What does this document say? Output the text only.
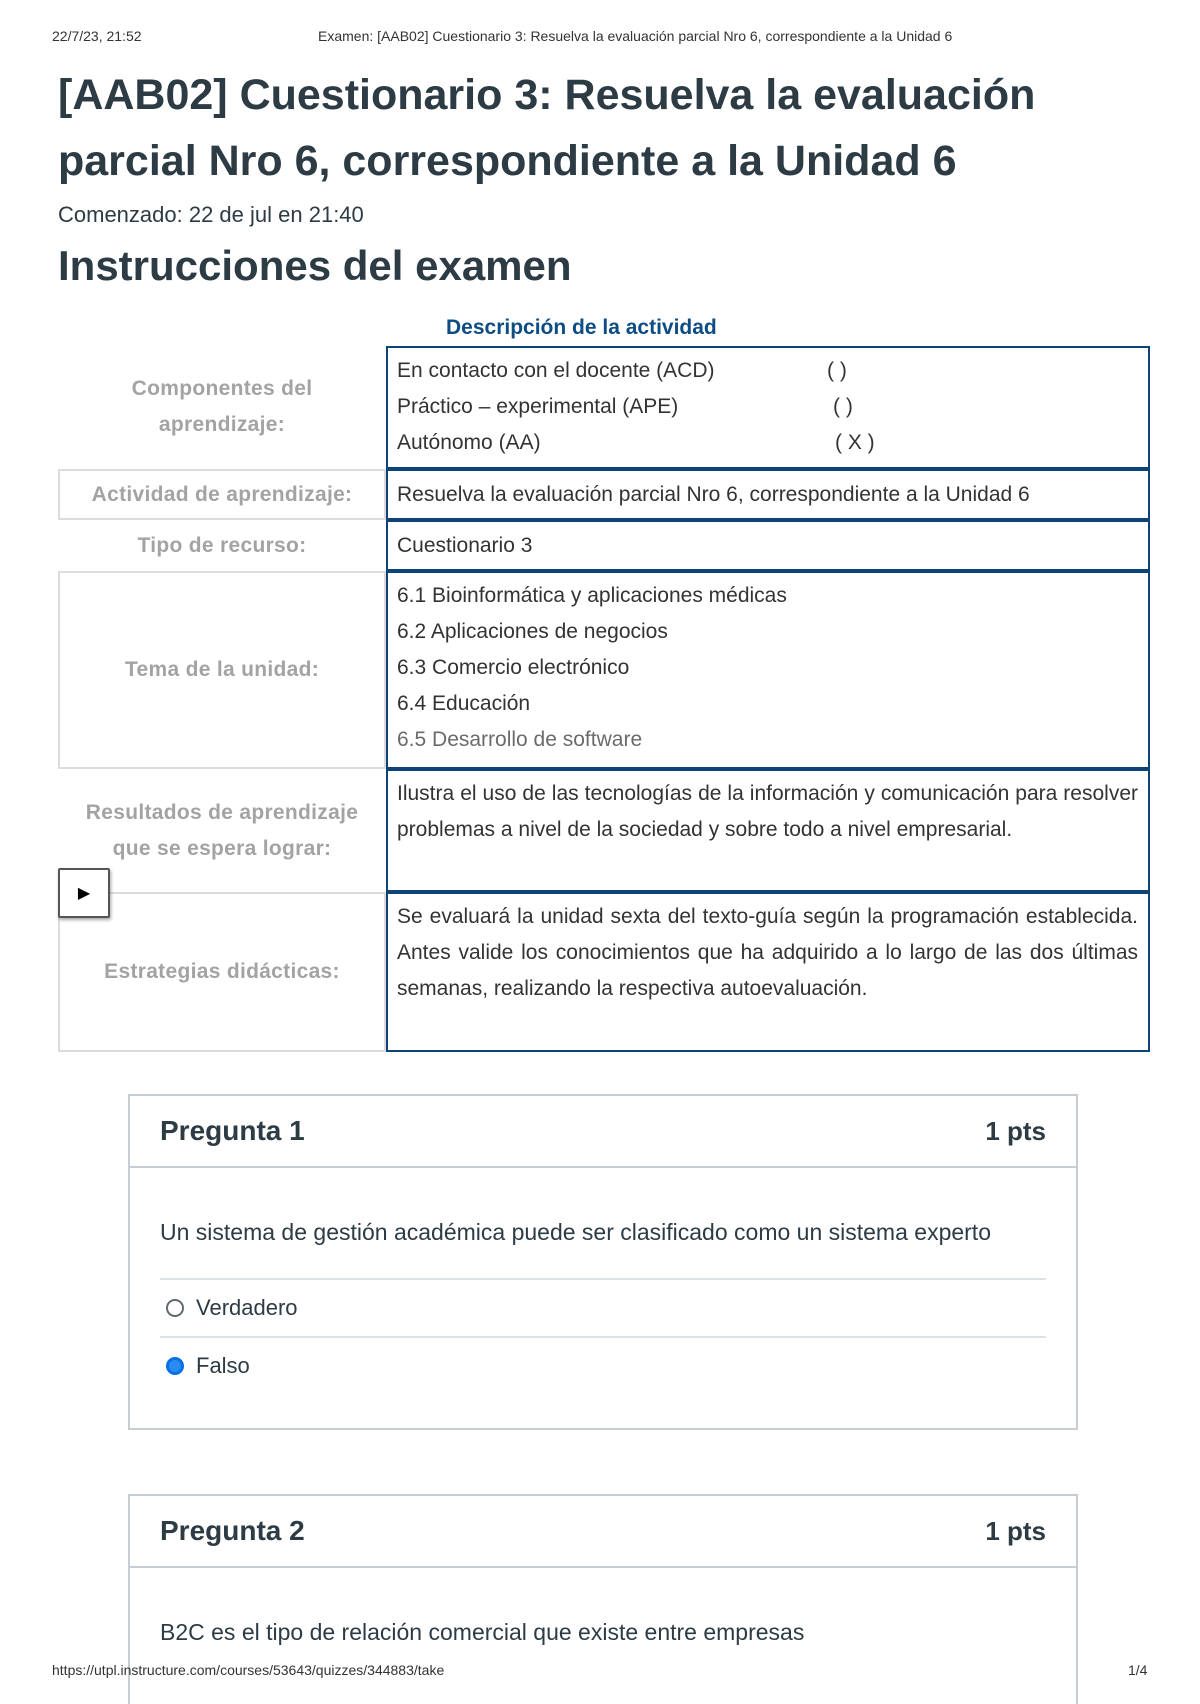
22/7/23, 21:52	Examen: [AAB02] Cuestionario 3: Resuelva la evaluación parcial Nro 6, correspondiente a la Unidad 6
[AAB02] Cuestionario 3: Resuelva la evaluación parcial Nro 6, correspondiente a la Unidad 6
Comenzado: 22 de jul en 21:40
Instrucciones del examen
Descripción de la actividad
Componentes del aprendizaje:
En contacto con el docente (ACD)	( )
Práctico – experimental (APE)	( )
Autónomo (AA)	( X )
Actividad de aprendizaje:	Resuelva la evaluación parcial Nro 6, correspondiente a la Unidad 6
Tipo de recurso:	Cuestionario 3
Tema de la unidad:
6.1 Bioinformática y aplicaciones médicas
6.2 Aplicaciones de negocios
6.3 Comercio electrónico
6.4 Educación
6.5 Desarrollo de software
Resultados de aprendizaje que se espera lograr:
Ilustra el uso de las tecnologías de la información y comunicación para resolver problemas a nivel de la sociedad y sobre todo a nivel empresarial.
Estrategias didácticas:
Se evaluará la unidad sexta del texto-guía según la programación establecida. Antes valide los conocimientos que ha adquirido a lo largo de las dos últimas semanas, realizando la respectiva autoevaluación.
▶
Pregunta 1	1 pts
Un sistema de gestión académica puede ser clasificado como un sistema experto
Verdadero
Falso
Pregunta 2	1 pts
B2C es el tipo de relación comercial que existe entre empresas
https://utpl.instructure.com/courses/53643/quizzes/344883/take	1/4
